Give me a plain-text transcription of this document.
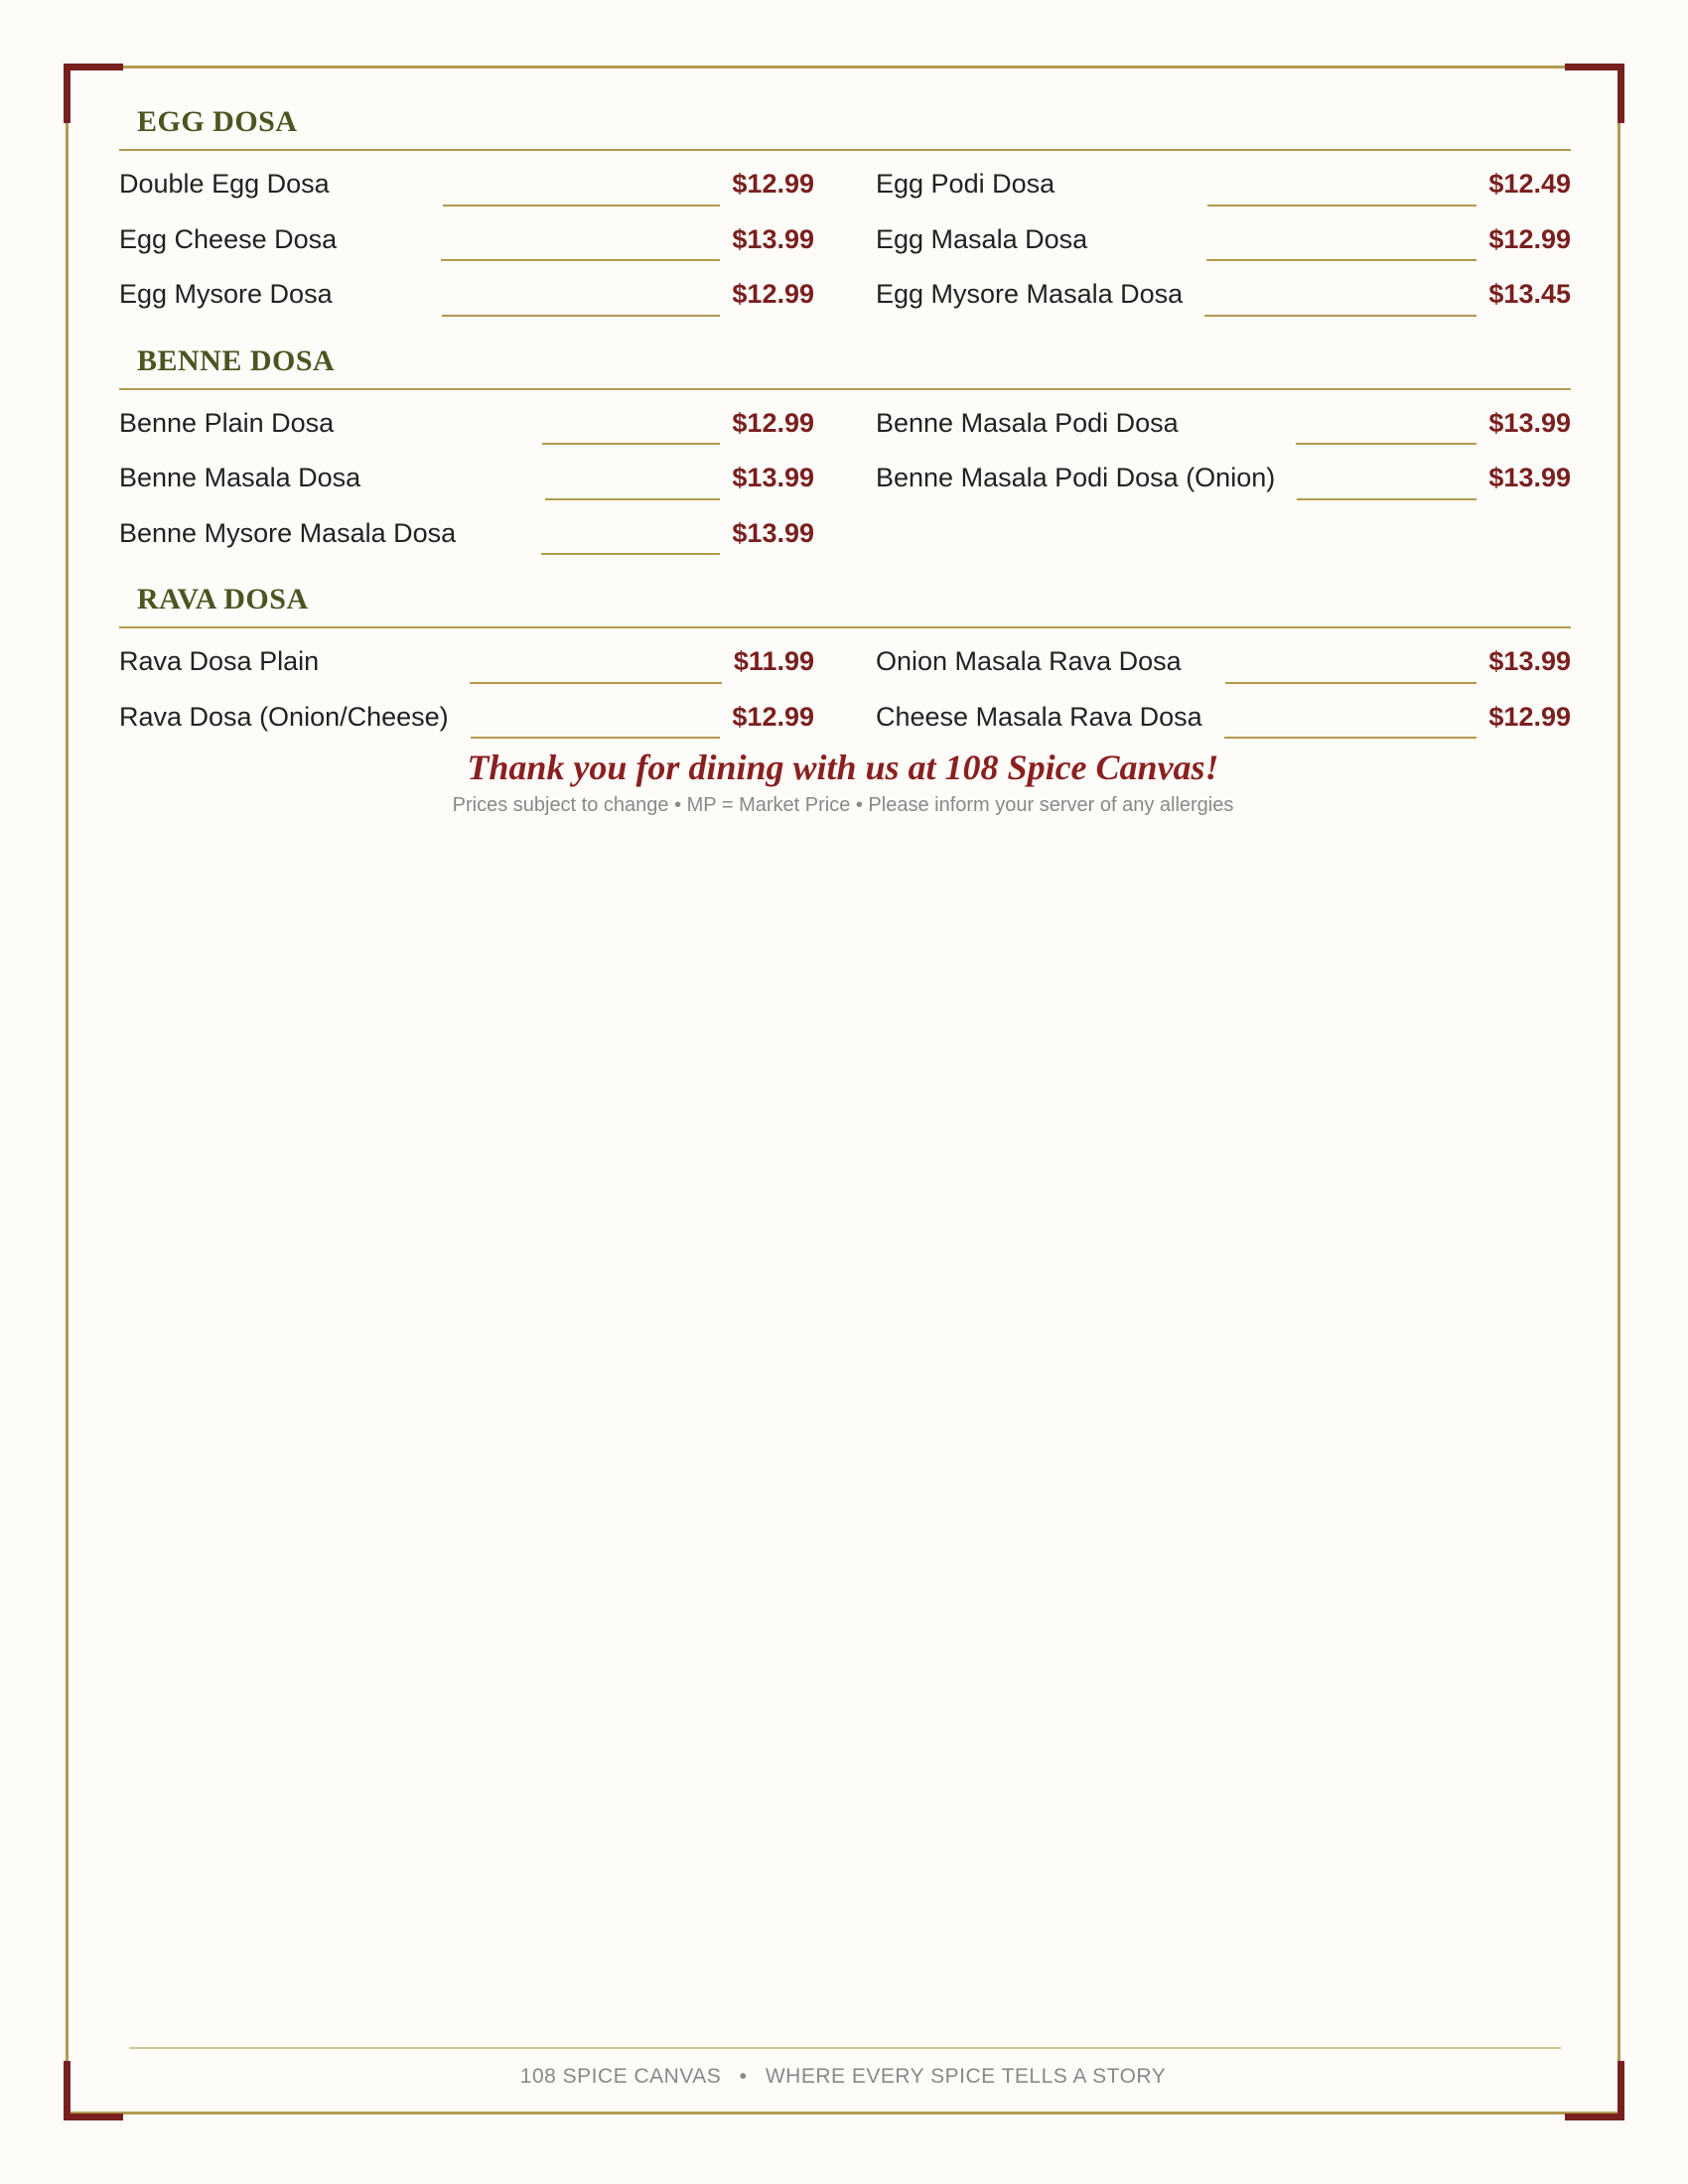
EGG DOSA
Double Egg Dosa	$12.99 Egg Podi Dosa	$12.49
Egg Cheese Dosa	$13.99 Egg Masala Dosa	$12.99
Egg Mysore Dosa	$12.99 Egg Mysore Masala Dosa	$13.45
BENNE DOSA
Benne Plain Dosa	$12.99 Benne Masala Podi Dosa	$13.99
Benne Masala Dosa	$13.99 Benne Masala Podi Dosa (Onion)	$13.99
Benne Mysore Masala Dosa	$13.99
RAVA DOSA
Rava Dosa Plain	$11.99 Onion Masala Rava Dosa	$13.99
Rava Dosa (Onion/Cheese)	$12.99 Cheese Masala Rava Dosa	$12.99
Thank you for dining with us at 108 Spice Canvas!
Prices subject to change • MP = Market Price • Please inform your server of any allergies
108 SPICE CANVAS • WHERE EVERY SPICE TELLS A STORY
